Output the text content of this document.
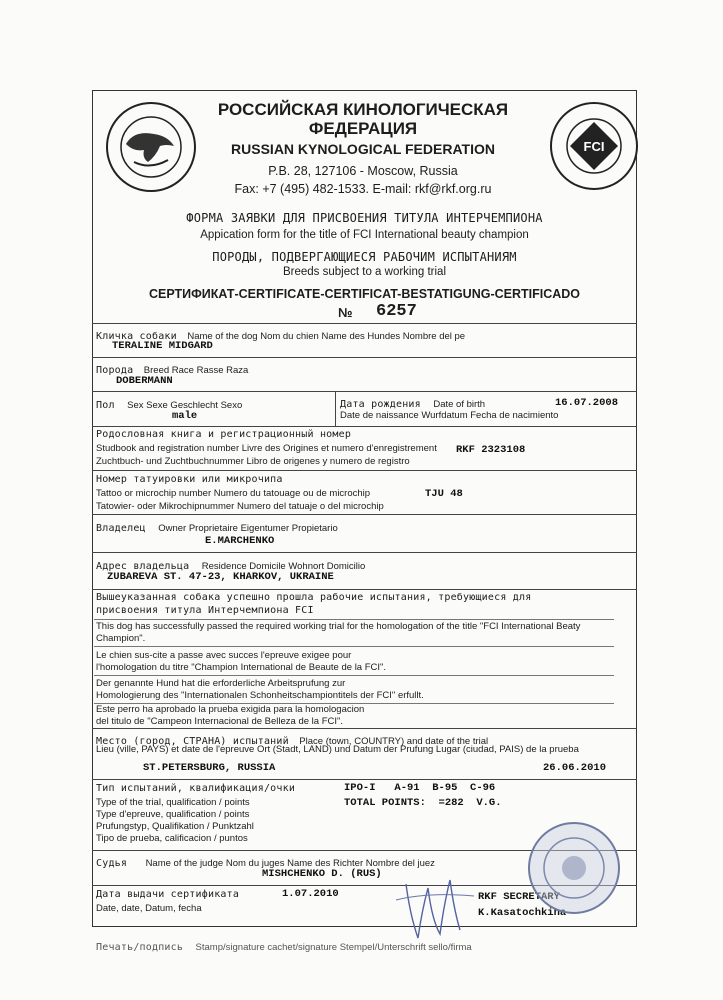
РОССИЙСКАЯ КИНОЛОГИЧЕСКАЯ
ФЕДЕРАЦИЯ
RUSSIAN KYNOLOGICAL FEDERATION
P.B. 28, 127106 - Moscow, Russia
Fax: +7 (495) 482-1533. E-mail: rkf@rkf.org.ru
FCI
ФОРМА ЗАЯВКИ ДЛЯ ПРИСВОЕНИЯ ТИТУЛА ИНТЕРЧЕМПИОНА
Appication form for the title of FCI International beauty champion
ПОРОДЫ, ПОДВЕРГАЮЩИЕСЯ РАБОЧИМ ИСПЫТАНИЯМ
Breeds subject to a working trial
СЕРТИФИКАТ-CERTIFICATE-CERTIFICAT-BESTATIGUNG-CERTIFICADO
№ 6257
Кличка собаки Name of the dog Nom du chien Name des Hundes Nombre del pe
TERALINE MIDGARD
Порода Breed Race Rasse Raza
DOBERMANN
Пол Sex Sexe Geschlecht Sexo
male
Дата рождения Date of birth
Date de naissance Wurfdatum Fecha de nacimiento
16.07.2008
Родословная книга и регистрационный номер
Studbook and registration number Livre des Origines et numero d'enregistrement
Zuchtbuch- und Zuchtbuchnummer Libro de origenes y numero de registro
RKF 2323108
Номер татуировки или микрочипа
Tattoo or microchip number Numero du tatouage ou de microchip
Tatowier- oder Mikrochipnummer Numero del tatuaje o del microchip
TJU 48
Владелец Owner Proprietaire Eigentumer Propietario
E.MARCHENKO
Адрес владельца Residence Domicile Wohnort Domicilio
ZUBAREVA ST. 47-23, KHARKOV, UKRAINE
Вышеуказанная собака успешно прошла рабочие испытания, требующиеся для
присвоения титула Интерчемпиона FCI
This dog has successfully passed the required working trial for the homologation of the title "FCI International Beaty
Champion".
Le chien sus-cite a passe avec succes l'epreuve exigee pour
l'homologation du titre "Champion International de Beaute de la FCI".
Der genannte Hund hat die erforderliche Arbeitsprufung zur
Homologierung des "Internationalen Schonheitschampiontitels der FCI" erfullt.
Este perro ha aprobado la prueba exigida para la homologacion
del titulo de "Campeon Internacional de Belleza de la FCI".
Место (город, СТРАНА) испытаний Place (town, COUNTRY) and date of the trial
Lieu (ville, PAYS) et date de l'epreuve Ort (Stadt, LAND) und Datum der Prufung Lugar (ciudad, PAIS) de la prueba
ST.PETERSBURG, RUSSIA	26.06.2010
Тип испытаний, квалификация/очки
Type of the trial, qualification / points
Type d'epreuve, qualification / points
Prufungstyp, Qualifikation / Punktzahl
Tipo de prueba, calificacion / puntos
IPO-I   A-91  B-95  C-96
TOTAL POINTS:  =282  V.G.
Судья Name of the judge Nom du juges Name des Richter Nombre del juez
MISHCHENKO D. (RUS)
Дата выдачи сертификата
Date, date, Datum, fecha
1.07.2010	RKF SECRETARY
K.Kasatochkina
Печать/подпись Stamp/signature cachet/signature Stempel/Unterschrift sello/firma
